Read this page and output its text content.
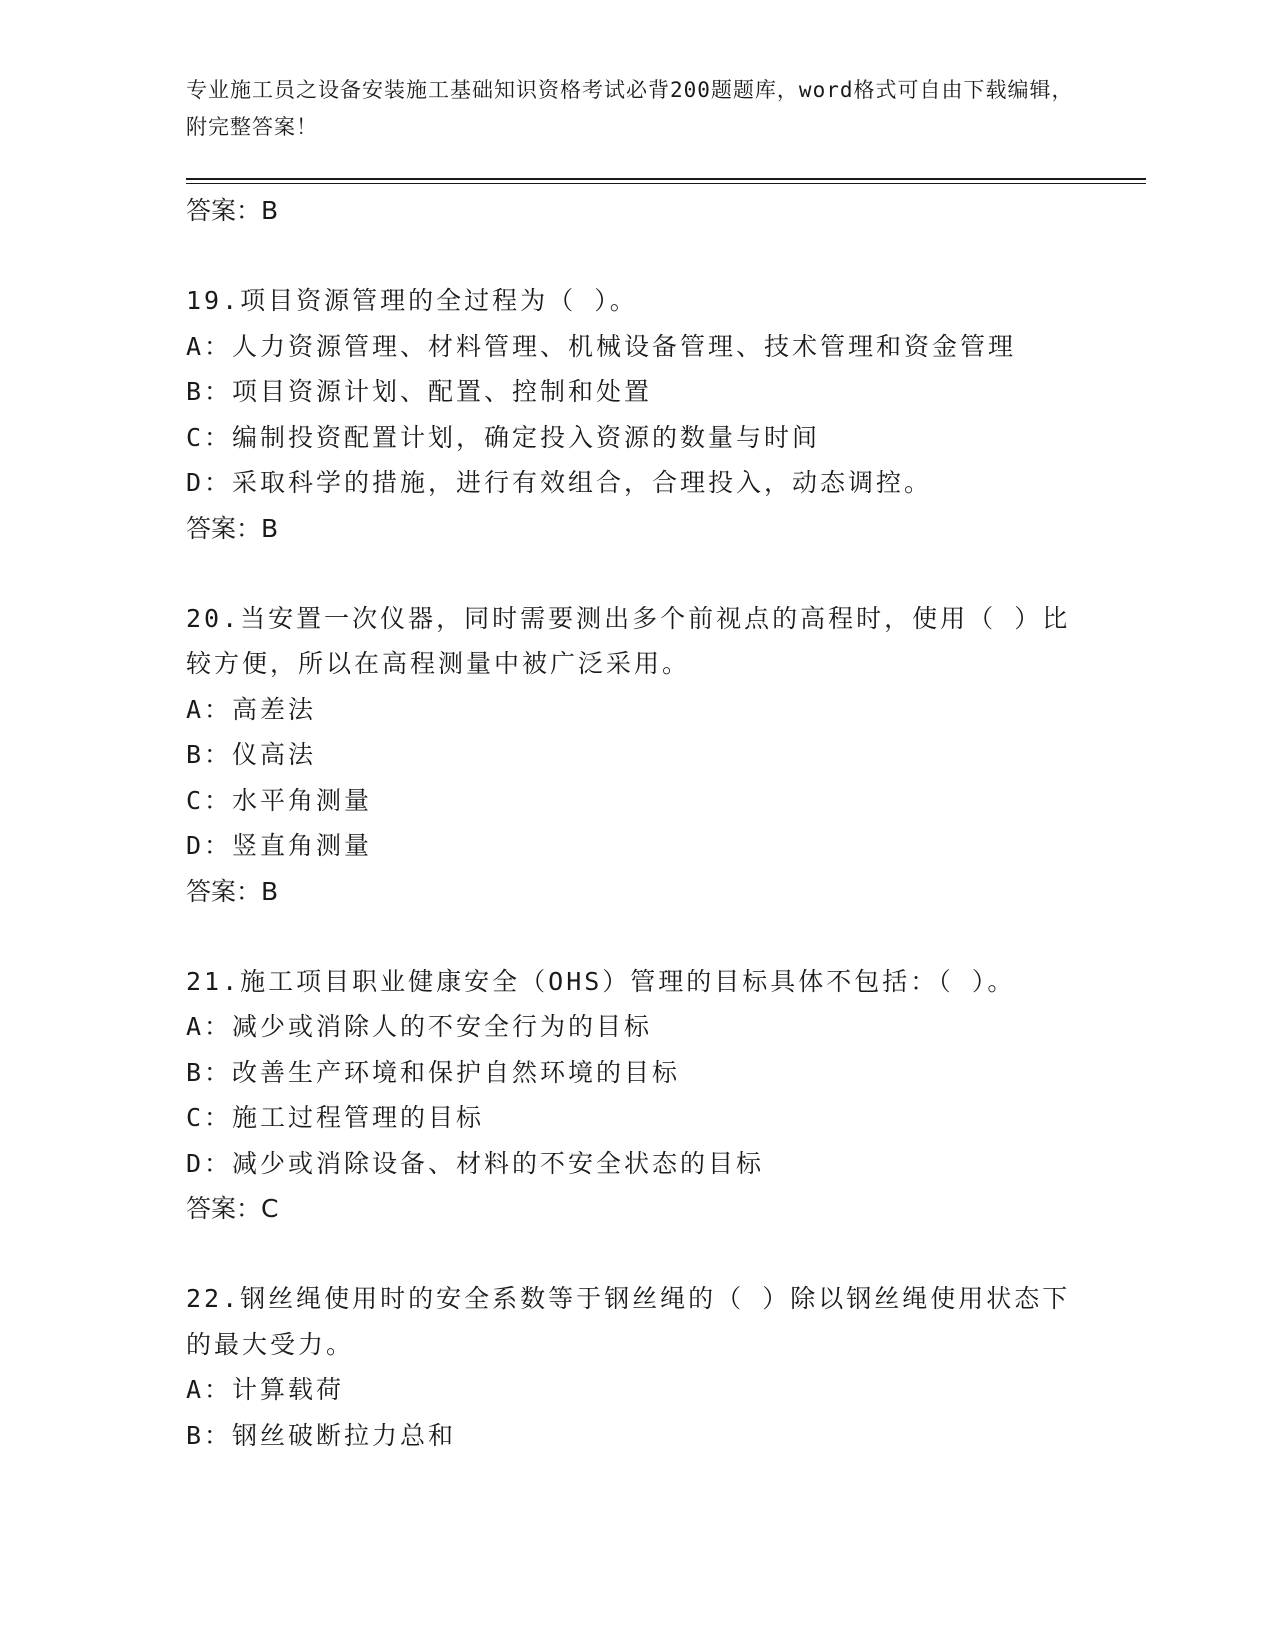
专业施工员之设备安装施工基础知识资格考试必背200题题库，word格式可自由下载编辑，附完整答案！

答案：B

19.项目资源管理的全过程为（ ）。

A：人力资源管理、材料管理、机械设备管理、技术管理和资金管理

B：项目资源计划、配置、控制和处置

C：编制投资配置计划，确定投入资源的数量与时间

D：采取科学的措施，进行有效组合，合理投入，动态调控。

答案：B

20.当安置一次仪器，同时需要测出多个前视点的高程时，使用（ ）比较方便，所以在高程测量中被广泛采用。

A：高差法

B：仪高法

C：水平角测量

D：竖直角测量

答案：B

21.施工项目职业健康安全（OHS）管理的目标具体不包括：（ ）。

A：减少或消除人的不安全行为的目标

B：改善生产环境和保护自然环境的目标

C：施工过程管理的目标

D：减少或消除设备、材料的不安全状态的目标

答案：C

22.钢丝绳使用时的安全系数等于钢丝绳的（ ）除以钢丝绳使用状态下的最大受力。

A：计算载荷

B：钢丝破断拉力总和
